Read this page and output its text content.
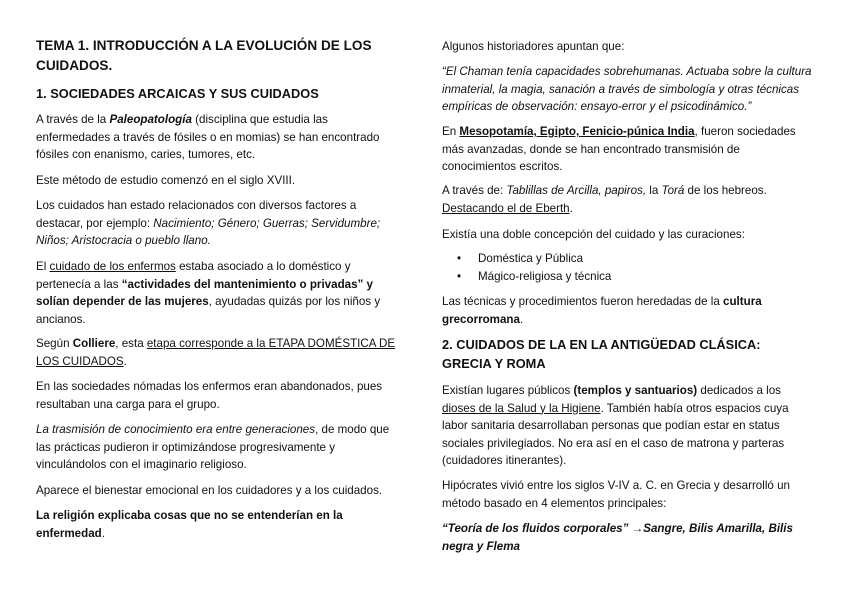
TEMA 1. INTRODUCCIÓN A LA EVOLUCIÓN DE LOS CUIDADOS.
1. SOCIEDADES ARCAICAS Y SUS CUIDADOS

A través de la Paleopatología (disciplina que estudia las enfermedades a través de fósiles o en momias) se han encontrado fósiles con enanismo, caries, tumores, etc.

Este método de estudio comenzó en el siglo XVIII.

Los cuidados han estado relacionados con diversos factores a destacar, por ejemplo: Nacimiento; Género; Guerras; Servidumbre; Niños; Aristocracia o pueblo llano.

El cuidado de los enfermos estaba asociado a lo doméstico y pertenecía a las “actividades del mantenimiento o privadas” y solían depender de las mujeres, ayudadas quizás por los niños y ancianos.

Según Colliere, esta etapa corresponde a la ETAPA DOMÉSTICA DE LOS CUIDADOS.

En las sociedades nómadas los enfermos eran abandonados, pues resultaban una carga para el grupo.

La trasmisión de conocimiento era entre generaciones, de modo que las prácticas pudieron ir optimizándose progresivamente y vinculándolos con el imaginario religioso.

Aparece el bienestar emocional en los cuidadores y a los cuidados.

La religión explicaba cosas que no se entenderían en la enfermedad.

Algunos historiadores apuntan que:

“El Chaman tenía capacidades sobrehumanas. Actuaba sobre la cultura inmaterial, la magia, sanación a través de simbología y otras técnicas empíricas de observación: ensayo-error y el psicodinámico.”

En Mesopotamía, Egipto, Fenicio-púnica India, fueron sociedades más avanzadas, donde se han encontrado transmisión de conocimientos escritos.

A través de: Tablillas de Arcilla, papiros, la Torá de los hebreos. Destacando el de Eberth.

Existía una doble concepción del cuidado y las curaciones:

• Doméstica y Pública
• Mágico-religiosa y técnica

Las técnicas y procedimientos fueron heredadas de la cultura grecorromana.

2. CUIDADOS DE LA EN LA ANTIGÜEDAD CLÁSICA: GRECIA Y ROMA

Existían lugares públicos (templos y santuarios) dedicados a los dioses de la Salud y la Higiene. También había otros espacios cuya labor sanitaria desarrollaban personas que podían estar en status sociales privilegiados. No era así en el caso de matrona y parteras (cuidadores itinerantes).

Hipócrates vivió entre los siglos V-IV a. C. en Grecia y desarrolló un método basado en 4 elementos principales:

“Teoría de los fluidos corporales” →Sangre, Bilis Amarilla, Bilis negra y Flema
